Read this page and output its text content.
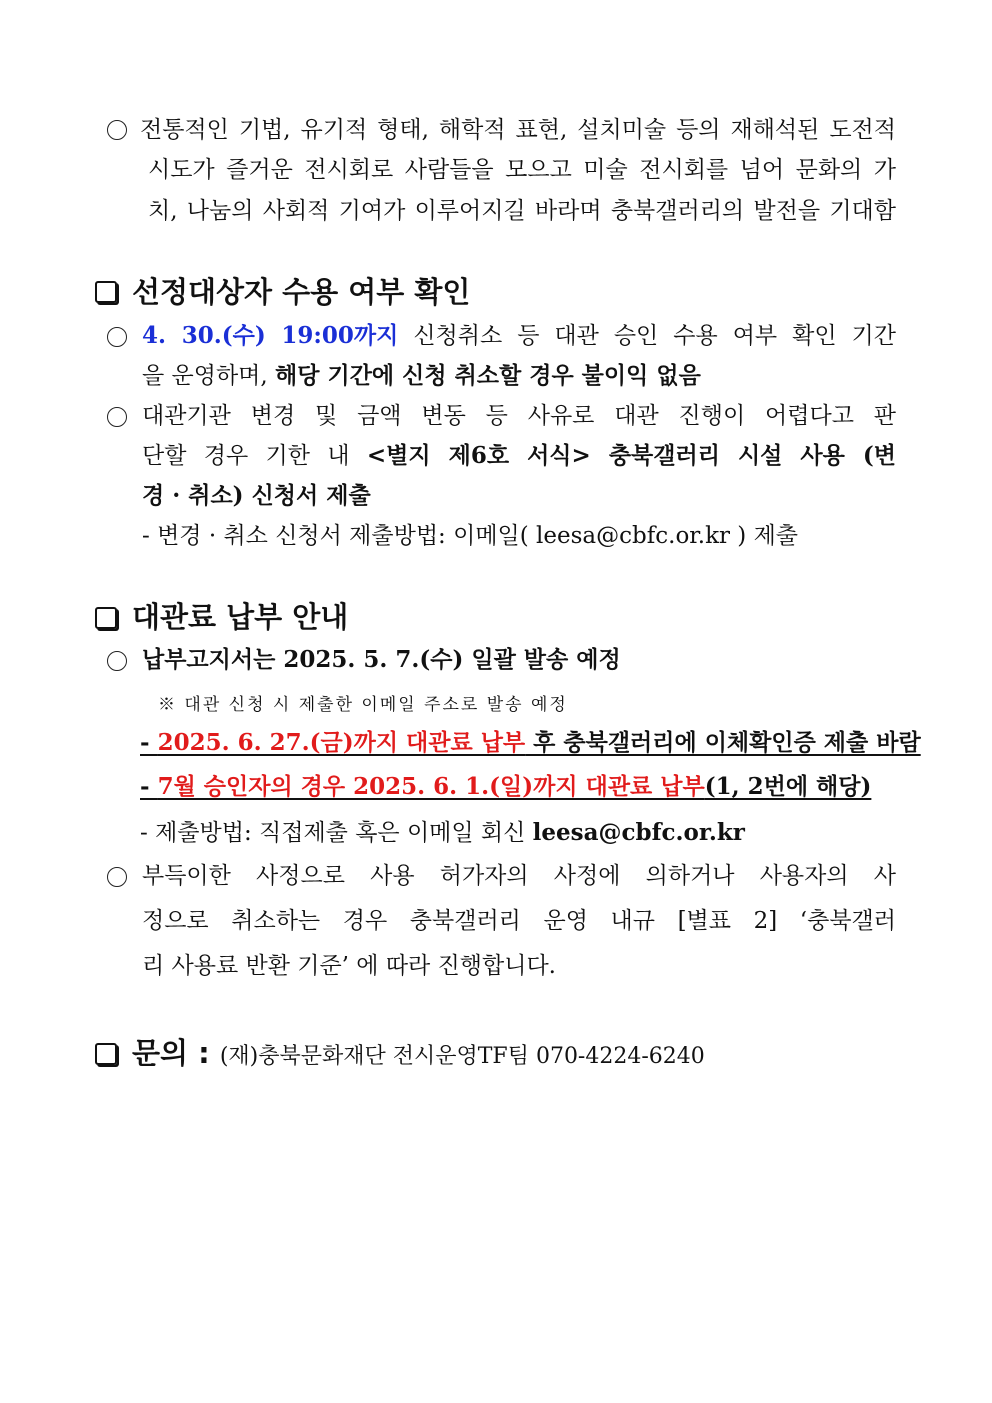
전통적인 기법, 유기적 형태, 해학적 표현, 설치미술 등의 재해석된 도전적
시도가 즐거운 전시회로 사람들을 모으고 미술 전시회를 넘어 문화의 가
치, 나눔의 사회적 기여가 이루어지길 바라며 충북갤러리의 발전을 기대함
선정대상자 수용 여부 확인
4. 30.(수) 19:00까지 신청취소 등 대관 승인 수용 여부 확인 기간
을 운영하며, 해당 기간에 신청 취소할 경우 불이익 없음
대관기관 변경 및 금액 변동 등 사유로 대관 진행이 어렵다고 판
단할 경우 기한 내 <별지 제6호 서식> 충북갤러리 시설 사용 (변
경 · 취소) 신청서 제출
- 변경 · 취소 신청서 제출방법: 이메일( leesa@cbfc.or.kr ) 제출
대관료 납부 안내
납부고지서는 2025. 5. 7.(수) 일괄 발송 예정
※ 대관 신청 시 제출한 이메일 주소로 발송 예정
- 2025. 6. 27.(금)까지 대관료 납부 후 충북갤러리에 이체확인증 제출 바람
- 7월 승인자의 경우 2025. 6. 1.(일)까지 대관료 납부(1, 2번에 해당)
- 제출방법: 직접제출 혹은 이메일 회신 leesa@cbfc.or.kr
부득이한 사정으로 사용 허가자의 사정에 의하거나 사용자의 사
정으로 취소하는 경우 충북갤러리 운영 내규 [별표 2] ‘충북갤러
리 사용료 반환 기준’ 에 따라 진행합니다.
문의 : (재)충북문화재단 전시운영TF팀 070-4224-6240
